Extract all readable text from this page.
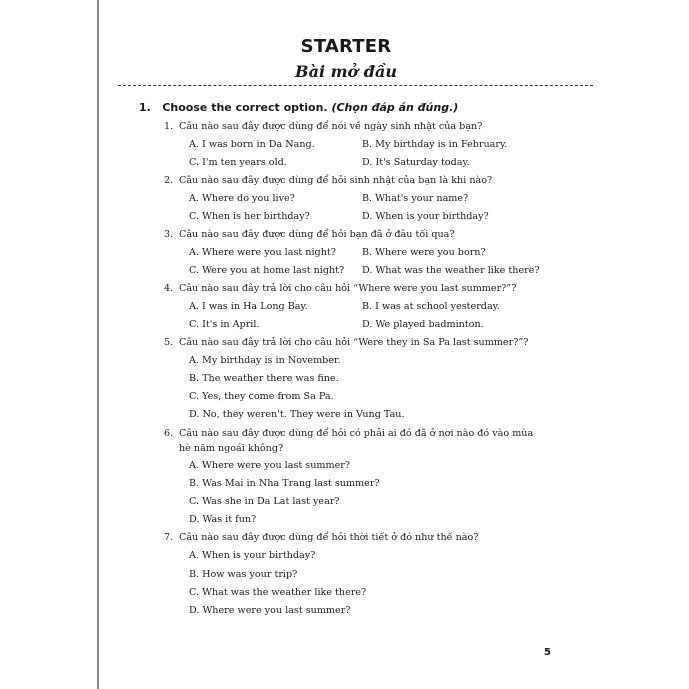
STARTER
Bài mở đầu
1. Choose the correct option. (Chọn đáp án đúng.)
1. Câu nào sau đây được dùng để nói về ngày sinh nhật của bạn?
A. I was born in Da Nang.	B. My birthday is in February.
C. I'm ten years old.	D. It's Saturday today.
2. Câu nào sau đây được dùng để hỏi sinh nhật của bạn là khi nào?
A. Where do you live?	B. What's your name?
C. When is her birthday?	D. When is your birthday?
3. Câu nào sau đây được dùng để hỏi bạn đã ở đâu tối qua?
A. Where were you last night?	B. Where were you born?
C. Were you at home last night? D. What was the weather like there?
4. Câu nào sau đây trả lời cho câu hỏi “Where were you last summer?”?
A. I was in Ha Long Bay.	B. I was at school yesterday.
C. It's in April.	D. We played badminton.
5. Câu nào sau đây trả lời cho câu hỏi “Were they in Sa Pa last summer?”?
A. My birthday is in November.
B. The weather there was fine.
C. Yes, they come from Sa Pa.
D. No, they weren't. They were in Vung Tau.
6. Câu nào sau đây được dùng để hỏi có phải ai đó đã ở nơi nào đó vào mùa
hè năm ngoái không?
A. Where were you last summer?
B. Was Mai in Nha Trang last summer?
C. Was she in Da Lat last year?
D. Was it fun?
7. Câu nào sau đây được dùng để hỏi thời tiết ở đó như thế nào?
A. When is your birthday?
B. How was your trip?
C. What was the weather like there?
D. Where were you last summer?
5
